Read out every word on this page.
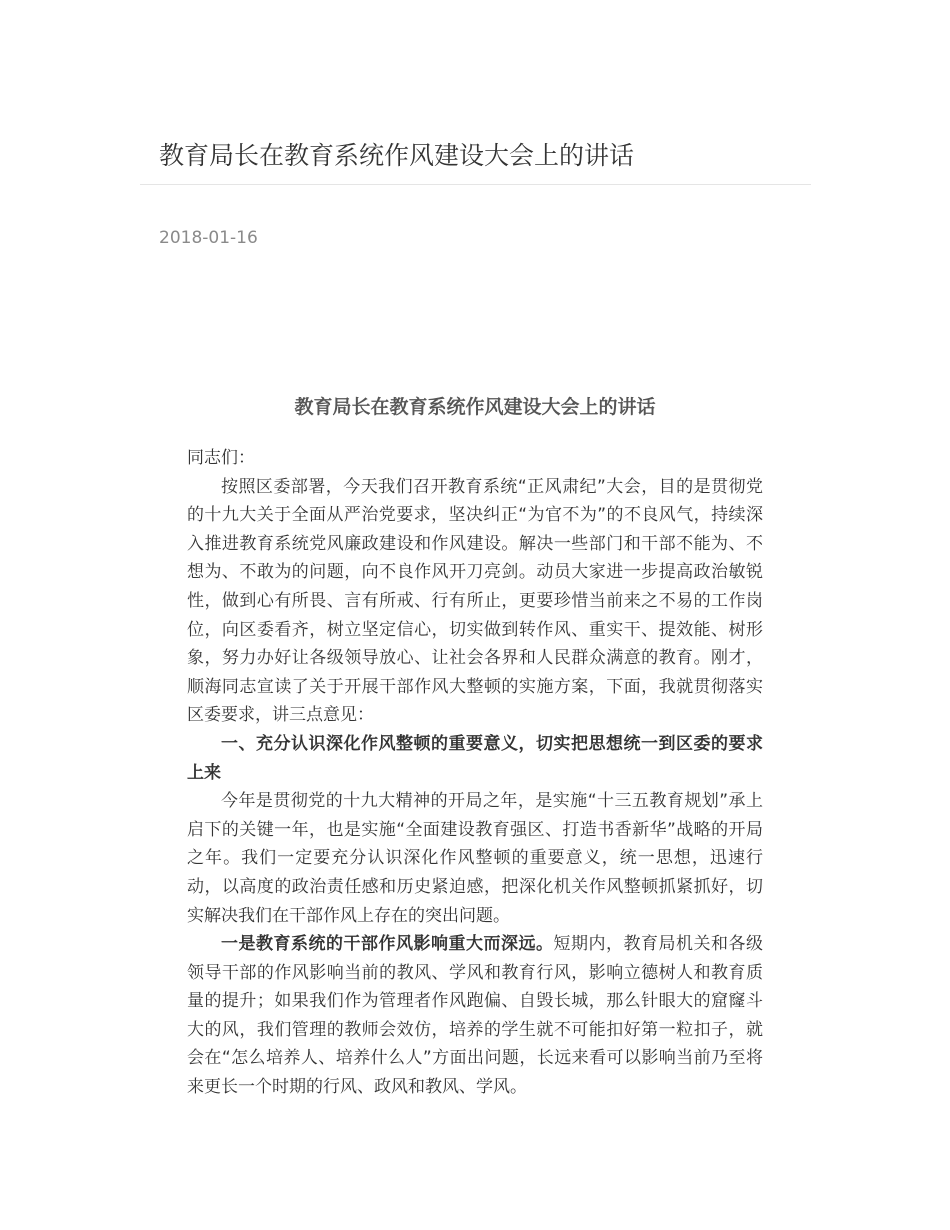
教育局长在教育系统作风建设大会上的讲话
2018-01-16
教育局长在教育系统作风建设大会上的讲话

同志们：

按照区委部署，今天我们召开教育系统“正风肃纪”大会，目的是贯彻党的十九大关于全面从严治党要求，坚决纠正“为官不为”的不良风气，持续深入推进教育系统党风廉政建设和作风建设。解决一些部门和干部不能为、不想为、不敢为的问题，向不良作风开刀亮剑。动员大家进一步提高政治敏锐性，做到心有所畏、言有所戒、行有所止，更要珍惜当前来之不易的工作岗位，向区委看齐，树立坚定信心，切实做到转作风、重实干、提效能、树形象，努力办好让各级领导放心、让社会各界和人民群众满意的教育。刚才，顺海同志宣读了关于开展干部作风大整顿的实施方案，下面，我就贯彻落实区委要求，讲三点意见：

一、充分认识深化作风整顿的重要意义，切实把思想统一到区委的要求上来

今年是贯彻党的十九大精神的开局之年，是实施“十三五教育规划”承上启下的关键一年，也是实施“全面建设教育强区、打造书香新华”战略的开局之年。我们一定要充分认识深化作风整顿的重要意义，统一思想，迅速行动，以高度的政治责任感和历史紧迫感，把深化机关作风整顿抓紧抓好，切实解决我们在干部作风上存在的突出问题。

一是教育系统的干部作风影响重大而深远。短期内，教育局机关和各级领导干部的作风影响当前的教风、学风和教育行风，影响立德树人和教育质量的提升；如果我们作为管理者作风跑偏、自毁长城，那么针眼大的窟窿斗大的风，我们管理的教师会效仿，培养的学生就不可能扣好第一粒扣子，就会在“怎么培养人、培养什么人”方面出问题，长远来看可以影响当前乃至将来更长一个时期的行风、政风和教风、学风。
